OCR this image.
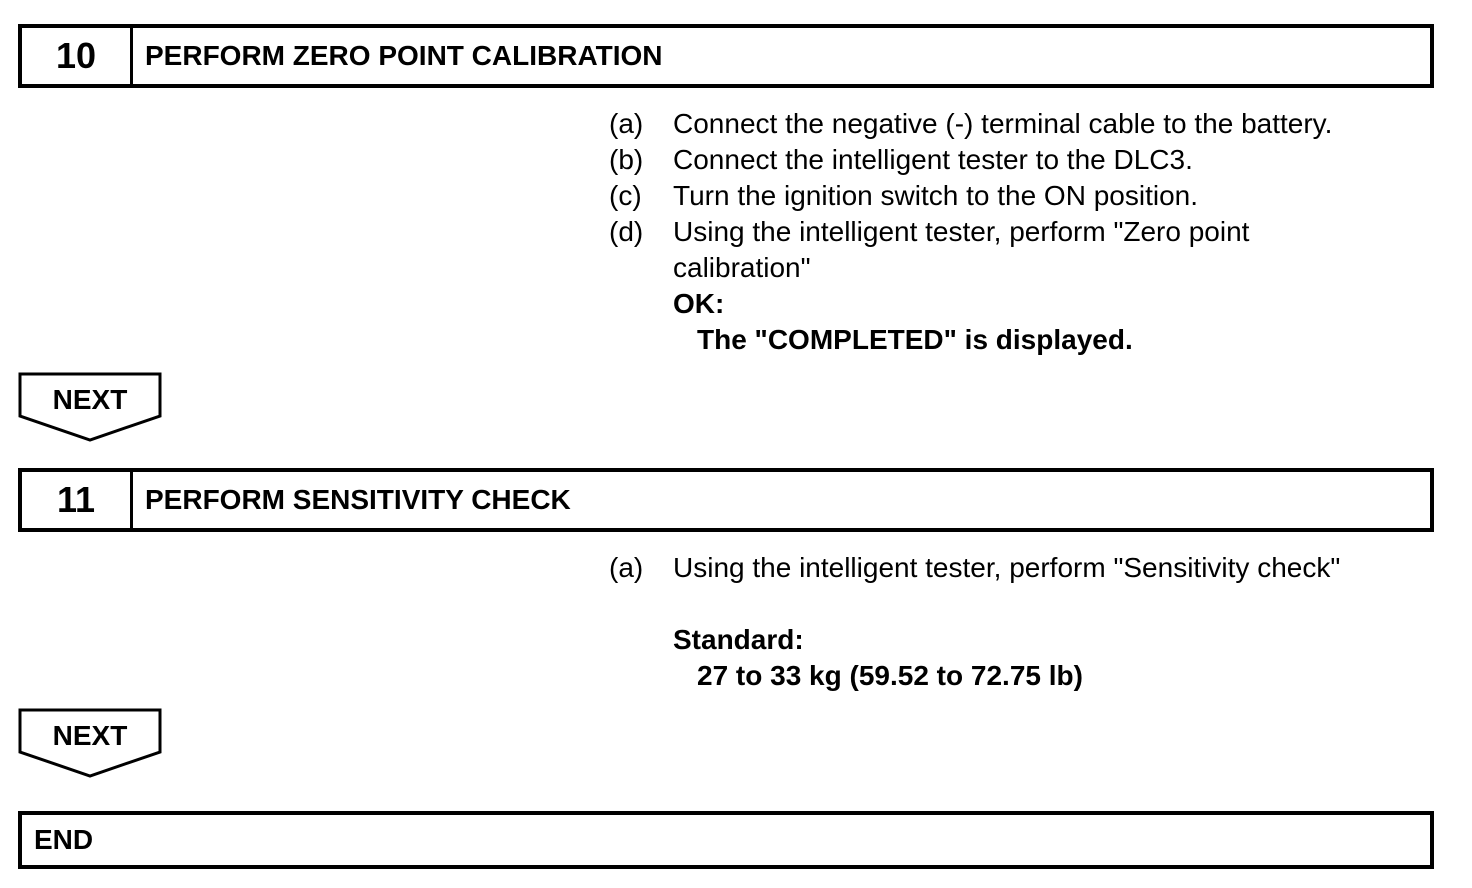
10	PERFORM ZERO POINT CALIBRATION
(a)	Connect the negative (-) terminal cable to the battery.
(b)	Connect the intelligent tester to the DLC3.
(c)	Turn the ignition switch to the ON position.
(d)	Using the intelligent tester, perform "Zero point
calibration"
OK:
The "COMPLETED" is displayed.
NEXT
11	PERFORM SENSITIVITY CHECK
(a)	Using the intelligent tester, perform "Sensitivity check"
Standard:
27 to 33 kg (59.52 to 72.75 lb)
NEXT
END
